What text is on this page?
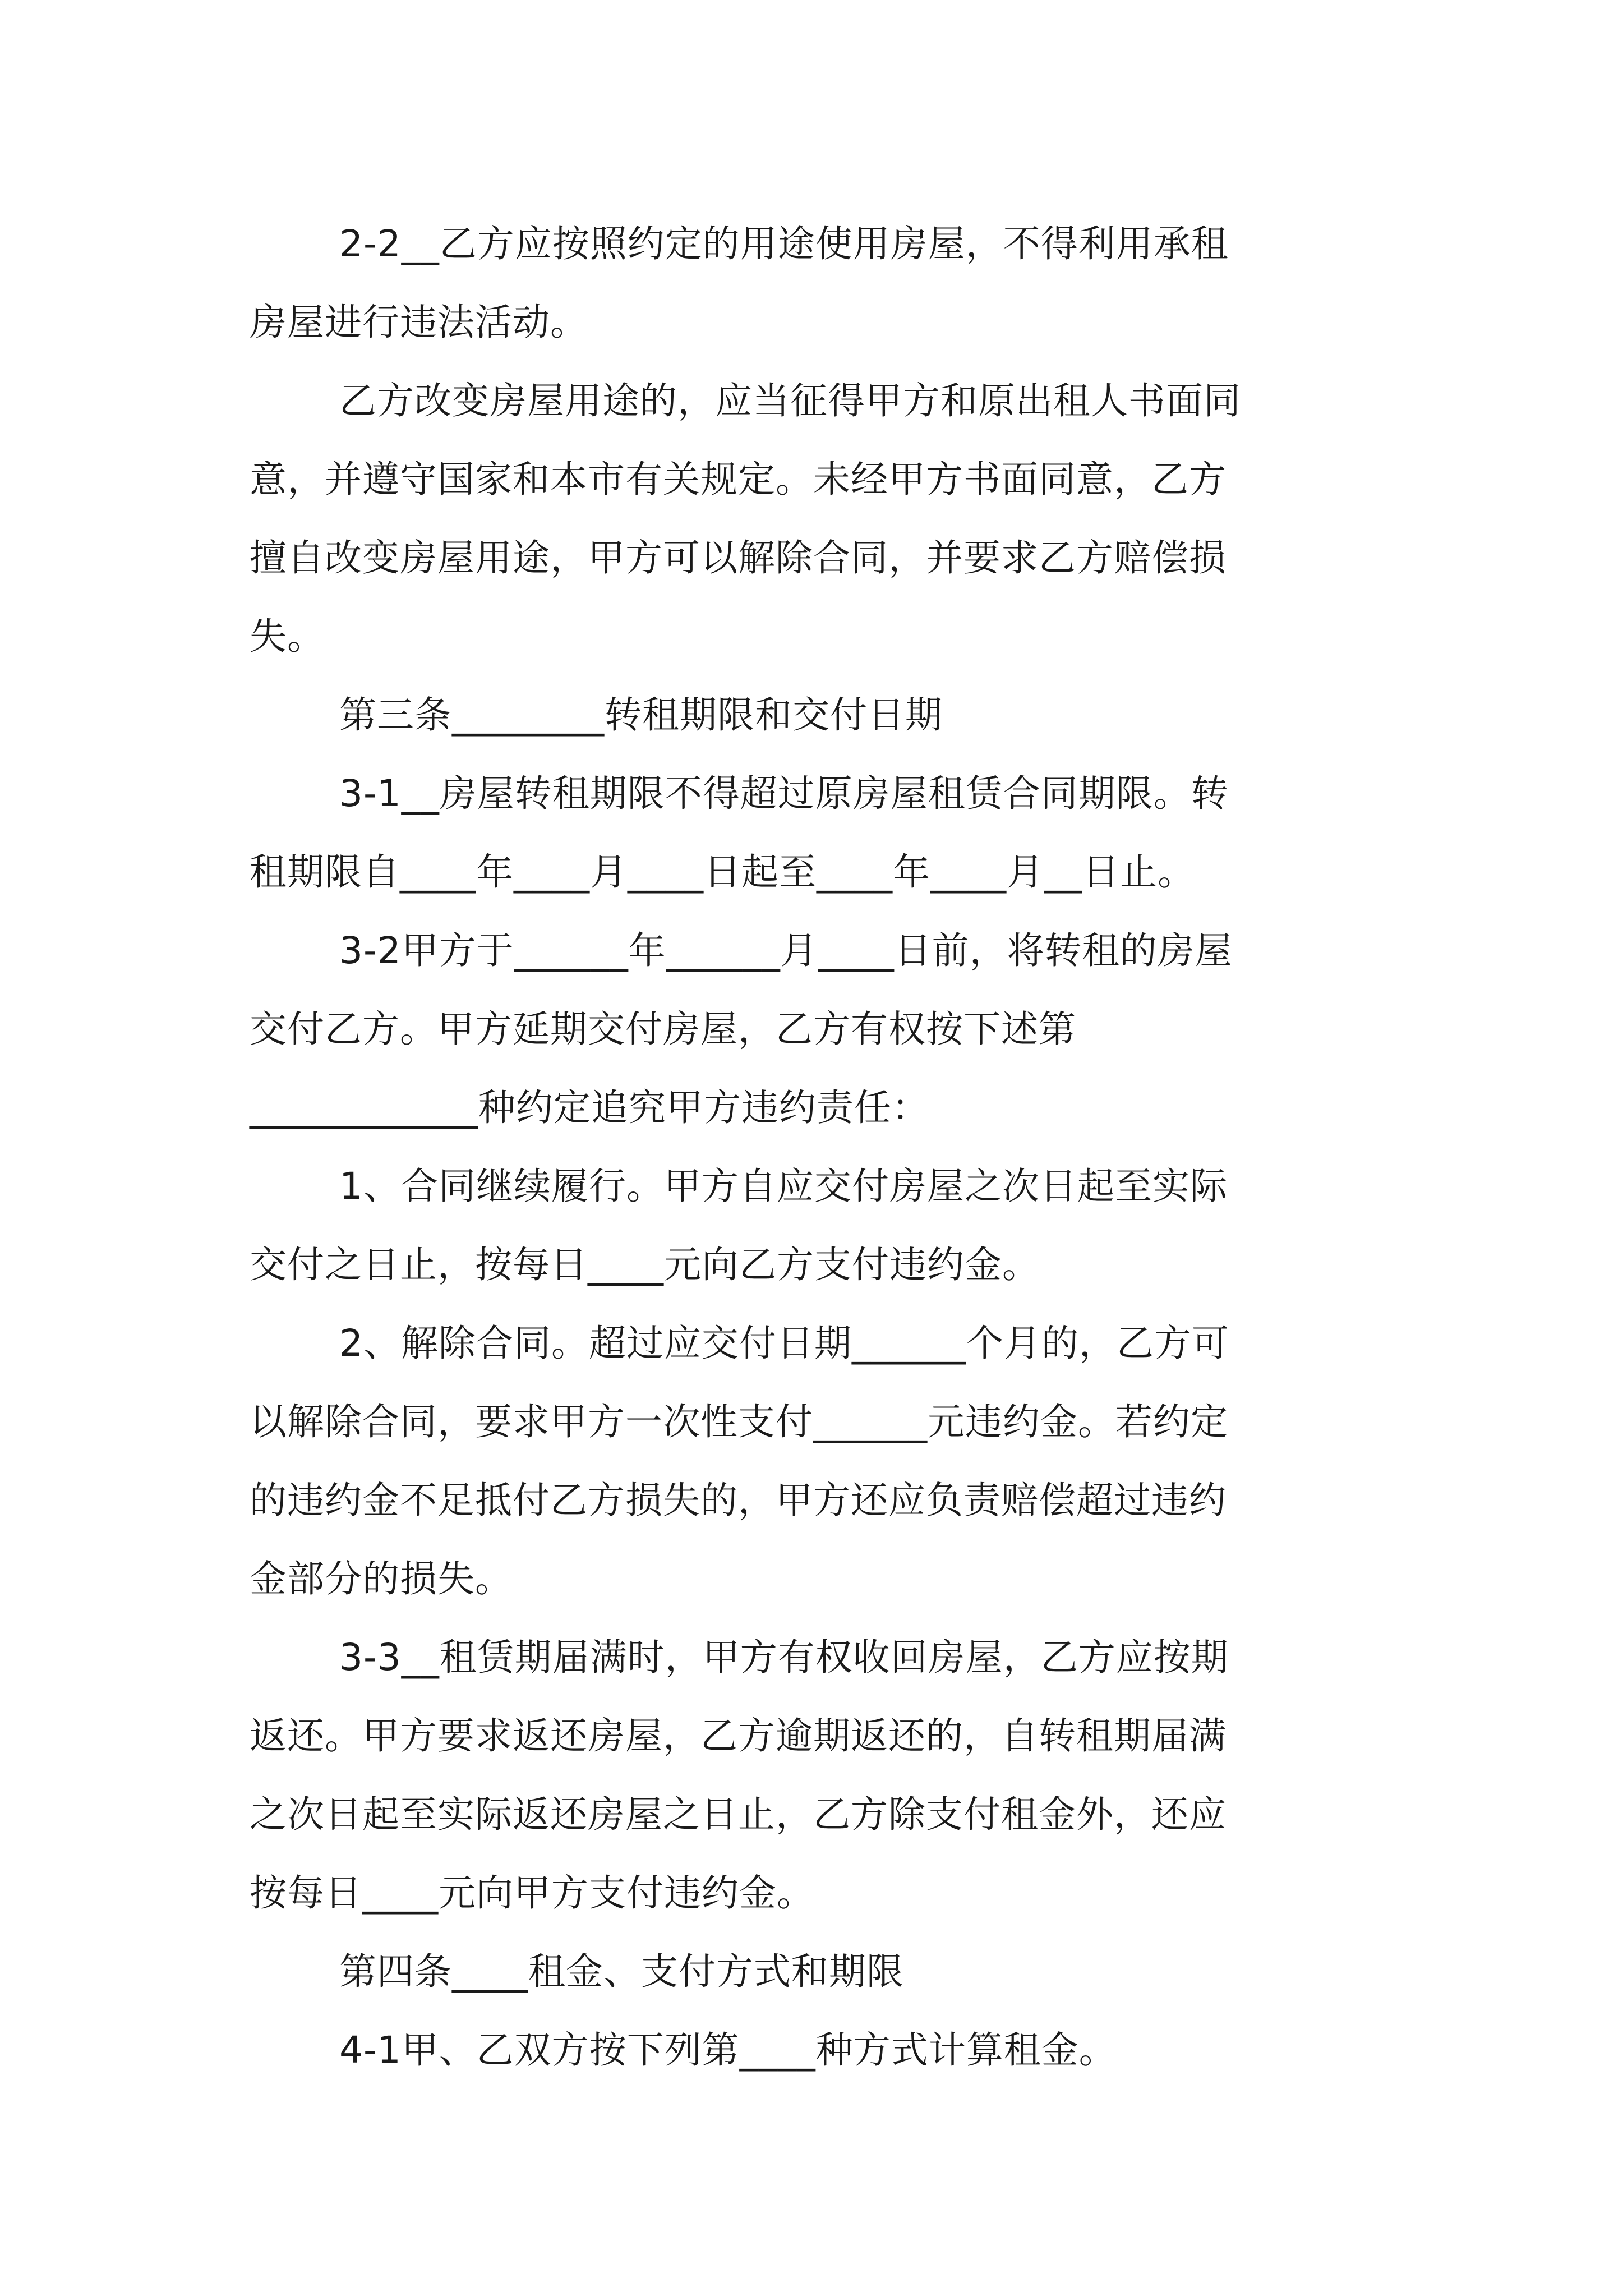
2-2__乙方应按照约定的用途使用房屋，不得利用承租
房屋进行违法活动。
乙方改变房屋用途的，应当征得甲方和原出租人书面同
意，并遵守国家和本市有关规定。未经甲方书面同意，乙方
擅自改变房屋用途，甲方可以解除合同，并要求乙方赔偿损
失。
第三条________转租期限和交付日期
3-1__房屋转租期限不得超过原房屋租赁合同期限。转
租期限自____年____月____日起至____年____月__日止。
3-2甲方于______年______月____日前，将转租的房屋
交付乙方。甲方延期交付房屋，乙方有权按下述第
____________种约定追究甲方违约责任：
1、合同继续履行。甲方自应交付房屋之次日起至实际
交付之日止，按每日____元向乙方支付违约金。
2、解除合同。超过应交付日期______个月的，乙方可
以解除合同，要求甲方一次性支付______元违约金。若约定
的违约金不足抵付乙方损失的，甲方还应负责赔偿超过违约
金部分的损失。
3-3__租赁期届满时，甲方有权收回房屋，乙方应按期
返还。甲方要求返还房屋，乙方逾期返还的，自转租期届满
之次日起至实际返还房屋之日止，乙方除支付租金外，还应
按每日____元向甲方支付违约金。
第四条____租金、支付方式和期限
4-1甲、乙双方按下列第____种方式计算租金。
